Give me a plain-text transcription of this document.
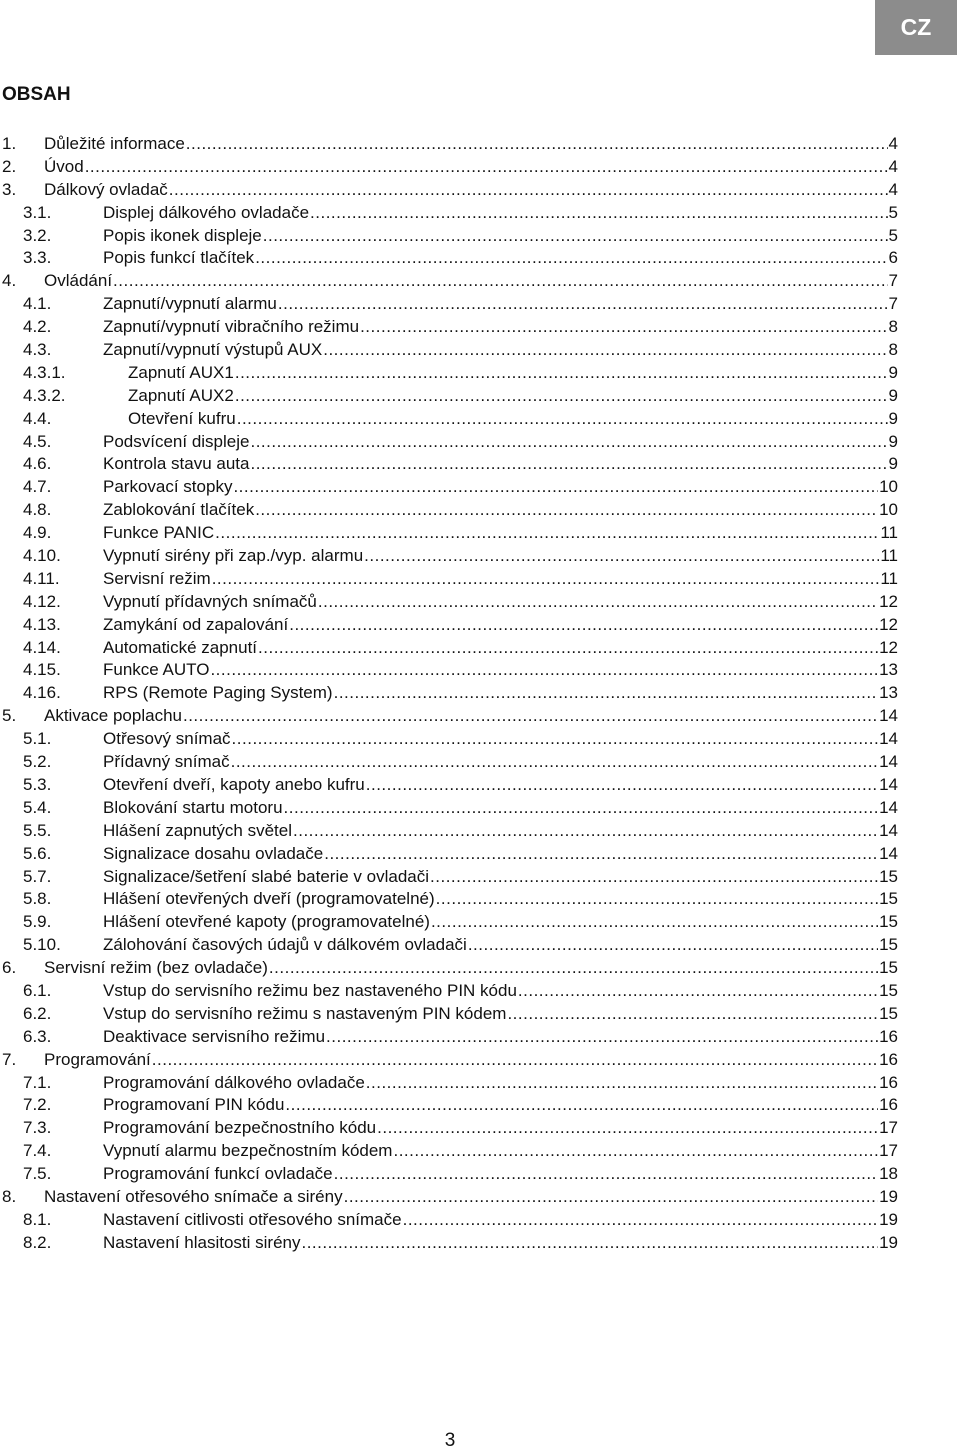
CZ
OBSAH
1. Důležité informace .....	4
2. Úvod .....	4
3. Dálkový ovladač .....	4
3.1.	Displej dálkového ovladače .....	5
3.2.	Popis ikonek displeje .....	5
3.3.	Popis funkcí tlačítek .....	6
4. Ovládání .....	7
4.1.	Zapnutí/vypnutí alarmu .....	7
4.2.	Zapnutí/vypnutí vibračního režimu .....	8
4.3.	Zapnutí/vypnutí výstupů AUX .....	8
4.3.1.	Zapnutí AUX1 .....	9
4.3.2.	Zapnutí AUX2 .....	9
4.4.	Otevření kufru .....	9
4.5.	Podsvícení displeje .....	9
4.6.	Kontrola stavu auta .....	9
4.7.	Parkovací stopky .....	10
4.8.	Zablokování tlačítek .....	10
4.9.	Funkce PANIC .....	11
4.10. Vypnutí sirény při zap./vyp. alarmu .....	11
4.11.	Servisní režim .....	11
4.12. Vypnutí přídavných snímačů .....	12
4.13. Zamykání od zapalování .....	12
4.14. Automatické zapnutí .....	12
4.15. Funkce AUTO .....	13
4.16. RPS (Remote Paging System) .....	13
5. Aktivace poplachu .....	14
5.1.	Otřesový snímač .....	14
5.2.	Přídavný snímač .....	14
5.3.	Otevření dveří, kapoty anebo kufru .....	14
5.4.	Blokování startu motoru .....	14
5.5.	Hlášení zapnutých světel .....	14
5.6.	Signalizace dosahu ovladače .....	14
5.7.	Signalizace/šetření slabé baterie v ovladači .....	15
5.8.	Hlášení otevřených dveří (programovatelné) .....	15
5.9.	Hlášení otevřené kapoty (programovatelné) .....	15
5.10. Zálohování časových údajů v dálkovém ovladači .....	15
6. Servisní režim (bez ovladače) .....	15
6.1.	Vstup do servisního režimu bez nastaveného PIN kódu .....	15
6.2.	Vstup do servisního režimu s nastaveným PIN kódem .....	15
6.3.	Deaktivace servisního režimu .....	16
7. Programování .....	16
7.1.	Programování dálkového ovladače .....	16
7.2.	Programovaní PIN kódu .....	16
7.3.	Programování bezpečnostního kódu .....	17
7.4.	Vypnutí alarmu bezpečnostním kódem .....	17
7.5.	Programování funkcí ovladače .....	18
8. Nastavení otřesového snímače a sirény .....	19
8.1.	Nastavení citlivosti otřesového snímače .....	19
8.2.	Nastavení hlasitosti sirény .....	19
3
